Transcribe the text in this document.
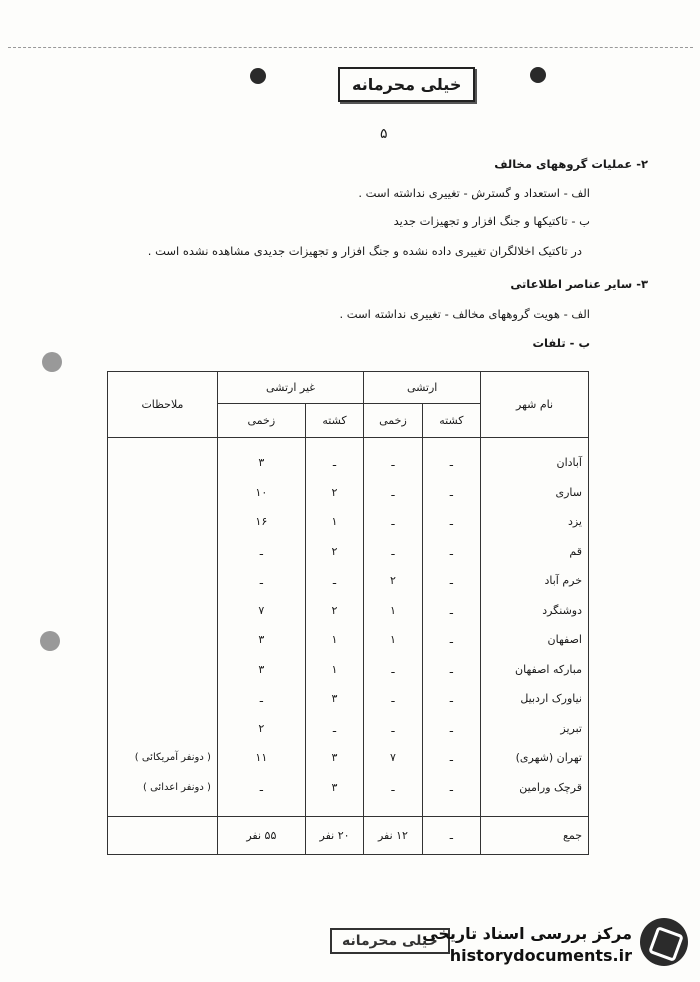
خیلی محرمانه
۵
۲- عملیات گروههای مخالف
الف - استعداد و گسترش - تغییری نداشته است .
ب - تاکتیکها و جنگ افزار و تجهیزات جدید
در تاکتیک اخلالگران تغییری داده نشده و جنگ افزار و تجهیزات جدیدی مشاهده نشده است .
۳- سایر عناصر اطلاعاتی
الف - هویت گروههای مخالف - تغییری نداشته است .
ب - تلفات
نام شهر	ارتشی		غیر ارتشی		ملاحظات
	کشته	زخمی	کشته	زخمی	

آبادان	ـ	ـ	ـ	۳	
ساری	ـ	ـ	۲	۱۰	
یزد	ـ	ـ	۱	۱۶	
قم	ـ	ـ	۲	ـ	
خرم آباد	ـ	۲	ـ	ـ	
دوشنگرد	ـ	۱	۲	۷	
اصفهان	ـ	۱	۱	۳	
مبارکه اصفهان	ـ	ـ	۱	۳	
نیاورک اردبیل	ـ	ـ	۳	ـ	
تبریز	ـ	ـ	ـ	۲	
تهران (شهری)	ـ	۷	۳	۱۱	( دونفر آمریکائی )
قرچک ورامین	ـ	ـ	۳	ـ	( دونفر اعدائی )

جمع	ـ	۱۲ نفر	۲۰ نفر	۵۵ نفر	
خیلی محرمانه
مرکز بررسی اسناد تاریخی
historydocuments.ir
